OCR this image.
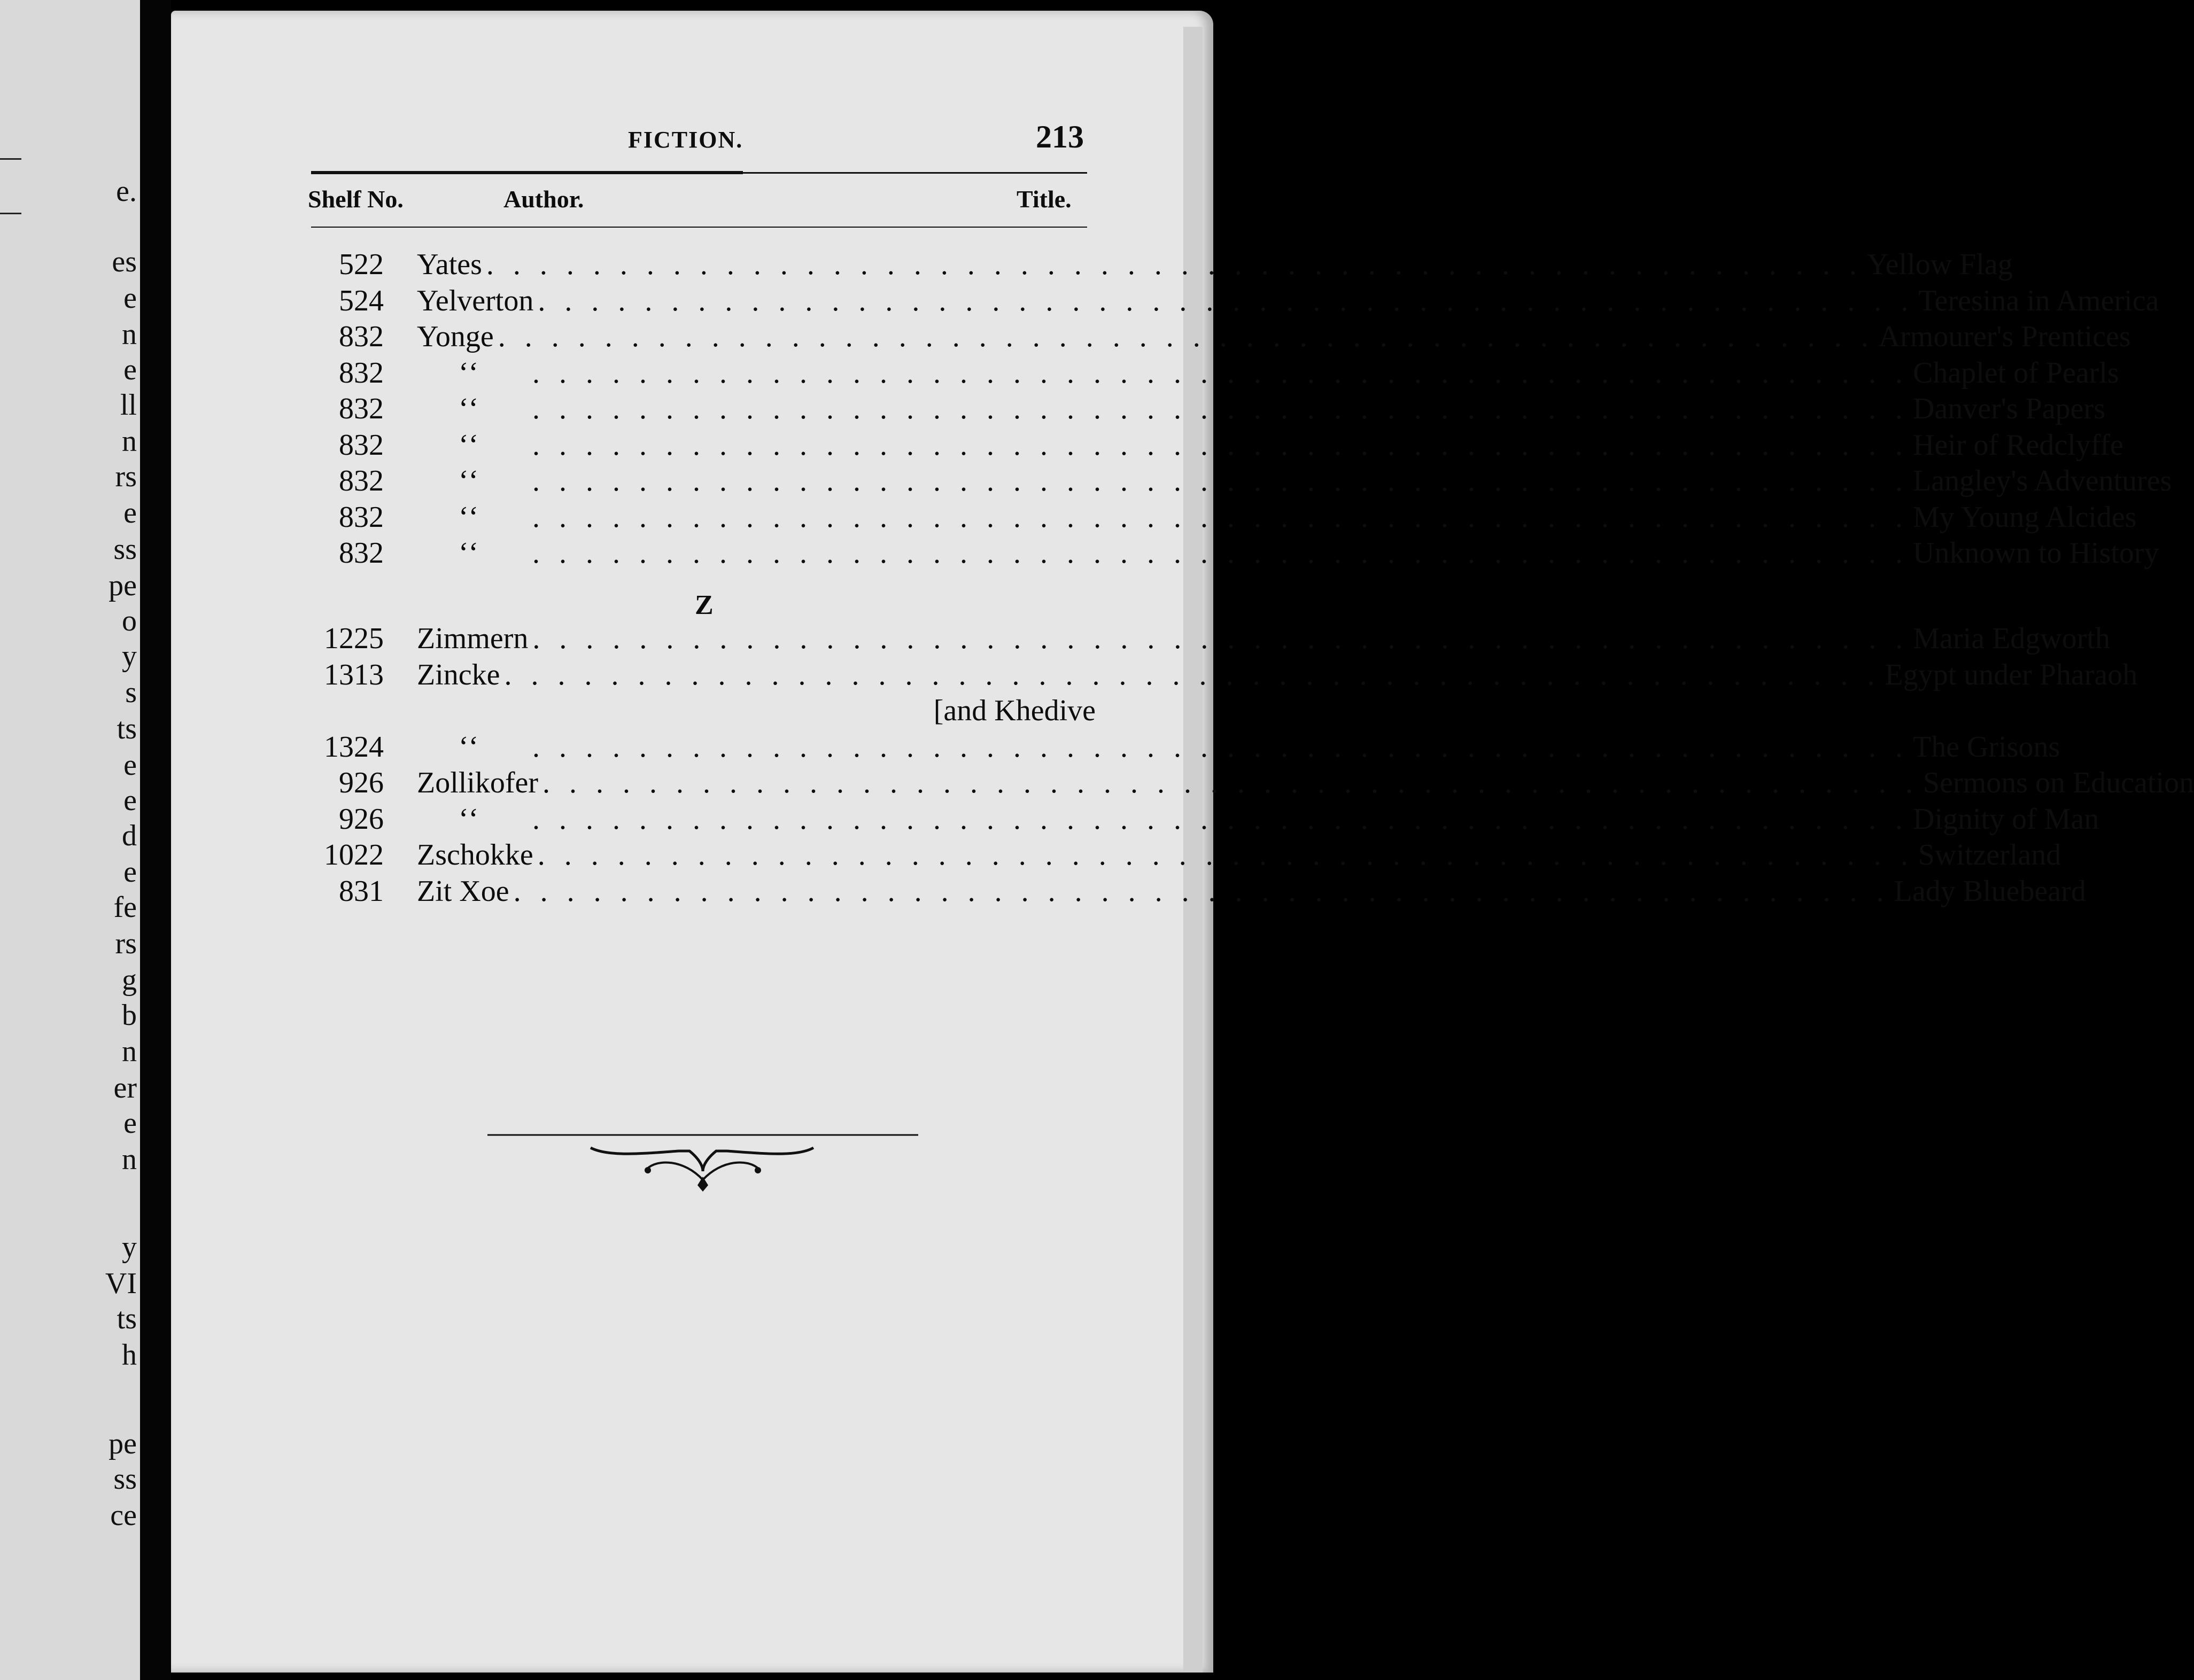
e.
es
e
n
e
ll
n
rs
e
ss
pe
o
y
s
ts
e
e
d
e
fe
rs
g
b
n
er
e
n
y
VI
ts
h
pe
ss
ce
FICTION.	213
Shelf No.	Author.	Title.
522 Yates . . . . . . . . . . . . . . . . . . . . . . . . . . . . . . . . . . . . . . . . . . . . . . . . . . . . Yellow Flag
524 Yelverton . . . . . . . . . . . . . . . . . . . . . . . . . . . . . . . . . . . . . . . . . . . . . . . . . . . . Teresina in America
832 Yonge . . . . . . . . . . . . . . . . . . . . . . . . . . . . . . . . . . . . . . . . . . . . . . . . . . . . Armourer's Prentices
832	‘‘	. . . . . . . . . . . . . . . . . . . . . . . . . . . . . . . . . . . . . . . . . . . . . . . . . . . . Chaplet of Pearls
832	‘‘	. . . . . . . . . . . . . . . . . . . . . . . . . . . . . . . . . . . . . . . . . . . . . . . . . . . . Danver's Papers
832	‘‘	. . . . . . . . . . . . . . . . . . . . . . . . . . . . . . . . . . . . . . . . . . . . . . . . . . . . Heir of Redclyffe
832	‘‘	. . . . . . . . . . . . . . . . . . . . . . . . . . . . . . . . . . . . . . . . . . . . . . . . . . . . Langley's Adventures
832	‘‘	. . . . . . . . . . . . . . . . . . . . . . . . . . . . . . . . . . . . . . . . . . . . . . . . . . . . My Young Alcides
832	‘‘	. . . . . . . . . . . . . . . . . . . . . . . . . . . . . . . . . . . . . . . . . . . . . . . . . . . . Unknown to History
Z
1225 Zimmern . . . . . . . . . . . . . . . . . . . . . . . . . . . . . . . . . . . . . . . . . . . . . . . . . . . . Maria Edgworth
1313 Zincke . . . . . . . . . . . . . . . . . . . . . . . . . . . . . . . . . . . . . . . . . . . . . . . . . . . . Egypt under Pharaoh
[and Khedive
1324	‘‘	. . . . . . . . . . . . . . . . . . . . . . . . . . . . . . . . . . . . . . . . . . . . . . . . . . . . The Grisons
926 Zollikofer . . . . . . . . . . . . . . . . . . . . . . . . . . . . . . . . . . . . . . . . . . . . . . . . . . . . Sermons on Education
926	‘‘	. . . . . . . . . . . . . . . . . . . . . . . . . . . . . . . . . . . . . . . . . . . . . . . . . . . . Dignity of Man
1022 Zschokke . . . . . . . . . . . . . . . . . . . . . . . . . . . . . . . . . . . . . . . . . . . . . . . . . . . . Switzerland
831 Zit Xoe . . . . . . . . . . . . . . . . . . . . . . . . . . . . . . . . . . . . . . . . . . . . . . . . . . . . Lady Bluebeard
